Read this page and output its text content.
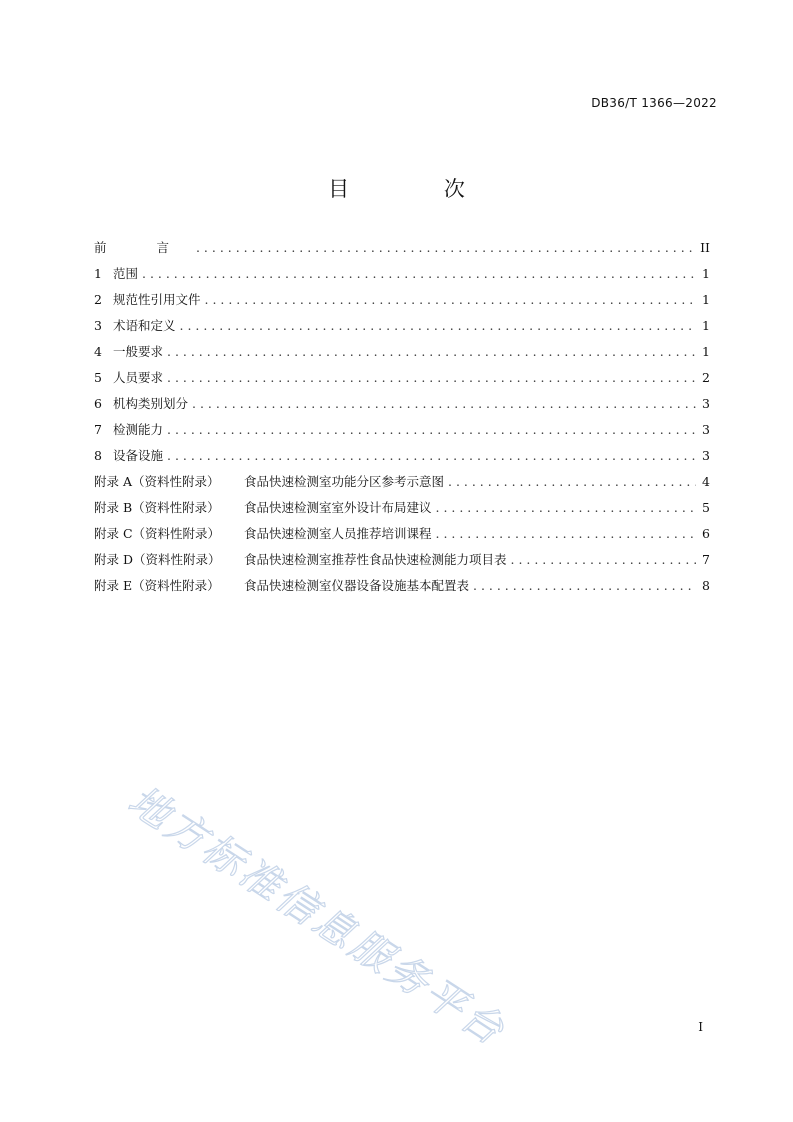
DB36/T 1366—2022
目 次
前 言 . . .	II
1 范围 . . .	1
2 规范性引用文件 . . .	1
3 术语和定义 . . .	1
4 一般要求 . . .	1
5 人员要求 . . .	2
6 机构类别划分 . . .	3
7 检测能力 . . .	3
8 设备设施 . . .	3
附录 A（资料性附录） 食品快速检测室功能分区参考示意图 . . .	4
附录 B（资料性附录） 食品快速检测室室外设计布局建议 . . .	5
附录 C（资料性附录） 食品快速检测室人员推荐培训课程 . . .	6
附录 D（资料性附录） 食品快速检测室推荐性食品快速检测能力项目表 . . .	7
附录 E（资料性附录） 食品快速检测室仪器设备设施基本配置表 . . .	8
地方标准信息服务平台	I
